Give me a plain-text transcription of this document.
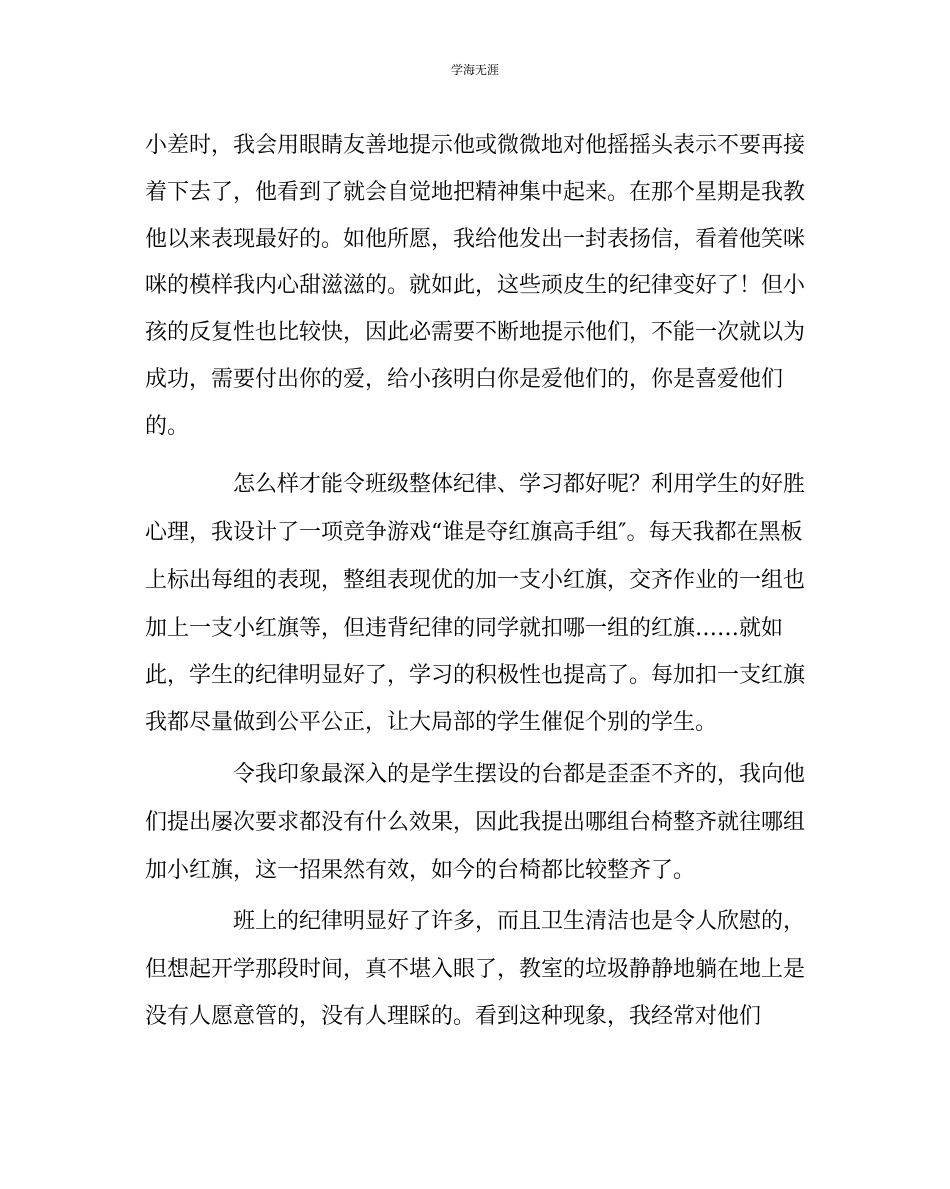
学海无涯
小差时，我会用眼睛友善地提示他或微微地对他摇摇头表示不要再接
着下去了，他看到了就会自觉地把精神集中起来。在那个星期是我教
他以来表现最好的。如他所愿，我给他发出一封表扬信，看着他笑咪
咪的模样我内心甜滋滋的。就如此，这些顽皮生的纪律变好了！但小
孩的反复性也比较快，因此必需要不断地提示他们，不能一次就以为
成功，需要付出你的爱，给小孩明白你是爱他们的，你是喜爱他们
的。
怎么样才能令班级整体纪律、学习都好呢？利用学生的好胜
心理，我设计了一项竞争游戏“谁是夺红旗高手组″。每天我都在黑板
上标出每组的表现，整组表现优的加一支小红旗，交齐作业的一组也
加上一支小红旗等，但违背纪律的同学就扣哪一组的红旗……就如
此，学生的纪律明显好了，学习的积极性也提高了。每加扣一支红旗
我都尽量做到公平公正，让大局部的学生催促个别的学生。
令我印象最深入的是学生摆设的台都是歪歪不齐的，我向他
们提出屡次要求都没有什么效果，因此我提出哪组台椅整齐就往哪组
加小红旗，这一招果然有效，如今的台椅都比较整齐了。
班上的纪律明显好了许多，而且卫生清洁也是令人欣慰的，
但想起开学那段时间，真不堪入眼了，教室的垃圾静静地躺在地上是
没有人愿意管的，没有人理睬的。看到这种现象，我经常对他们
